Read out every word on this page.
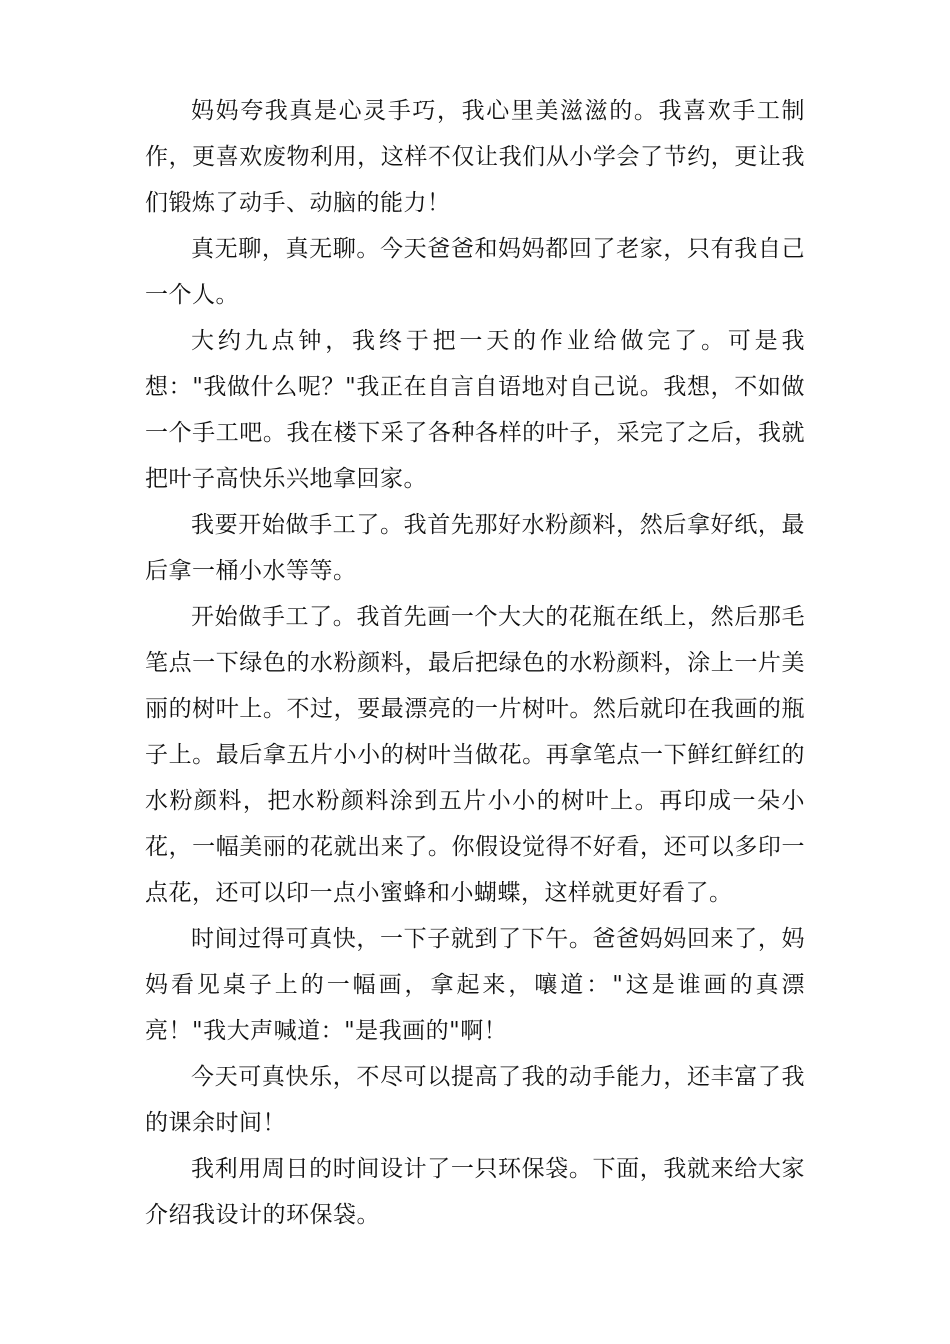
妈妈夸我真是心灵手巧，我心里美滋滋的。我喜欢手工制作，更喜欢废物利用，这样不仅让我们从小学会了节约，更让我们锻炼了动手、动脑的能力！

真无聊，真无聊。今天爸爸和妈妈都回了老家，只有我自己一个人。

大约九点钟，我终于把一天的作业给做完了。可是我想："我做什么呢？"我正在自言自语地对自己说。我想，不如做一个手工吧。我在楼下采了各种各样的叶子，采完了之后，我就把叶子高快乐兴地拿回家。

我要开始做手工了。我首先那好水粉颜料，然后拿好纸，最后拿一桶小水等等。

开始做手工了。我首先画一个大大的花瓶在纸上，然后那毛笔点一下绿色的水粉颜料，最后把绿色的水粉颜料，涂上一片美丽的树叶上。不过，要最漂亮的一片树叶。然后就印在我画的瓶子上。最后拿五片小小的树叶当做花。再拿笔点一下鲜红鲜红的水粉颜料，把水粉颜料涂到五片小小的树叶上。再印成一朵小花，一幅美丽的花就出来了。你假设觉得不好看，还可以多印一点花，还可以印一点小蜜蜂和小蝴蝶，这样就更好看了。

时间过得可真快，一下子就到了下午。爸爸妈妈回来了，妈妈看见桌子上的一幅画，拿起来，嚷道："这是谁画的真漂亮！"我大声喊道："是我画的"啊！

今天可真快乐，不尽可以提高了我的动手能力，还丰富了我的课余时间！

我利用周日的时间设计了一只环保袋。下面，我就来给大家介绍我设计的环保袋。
